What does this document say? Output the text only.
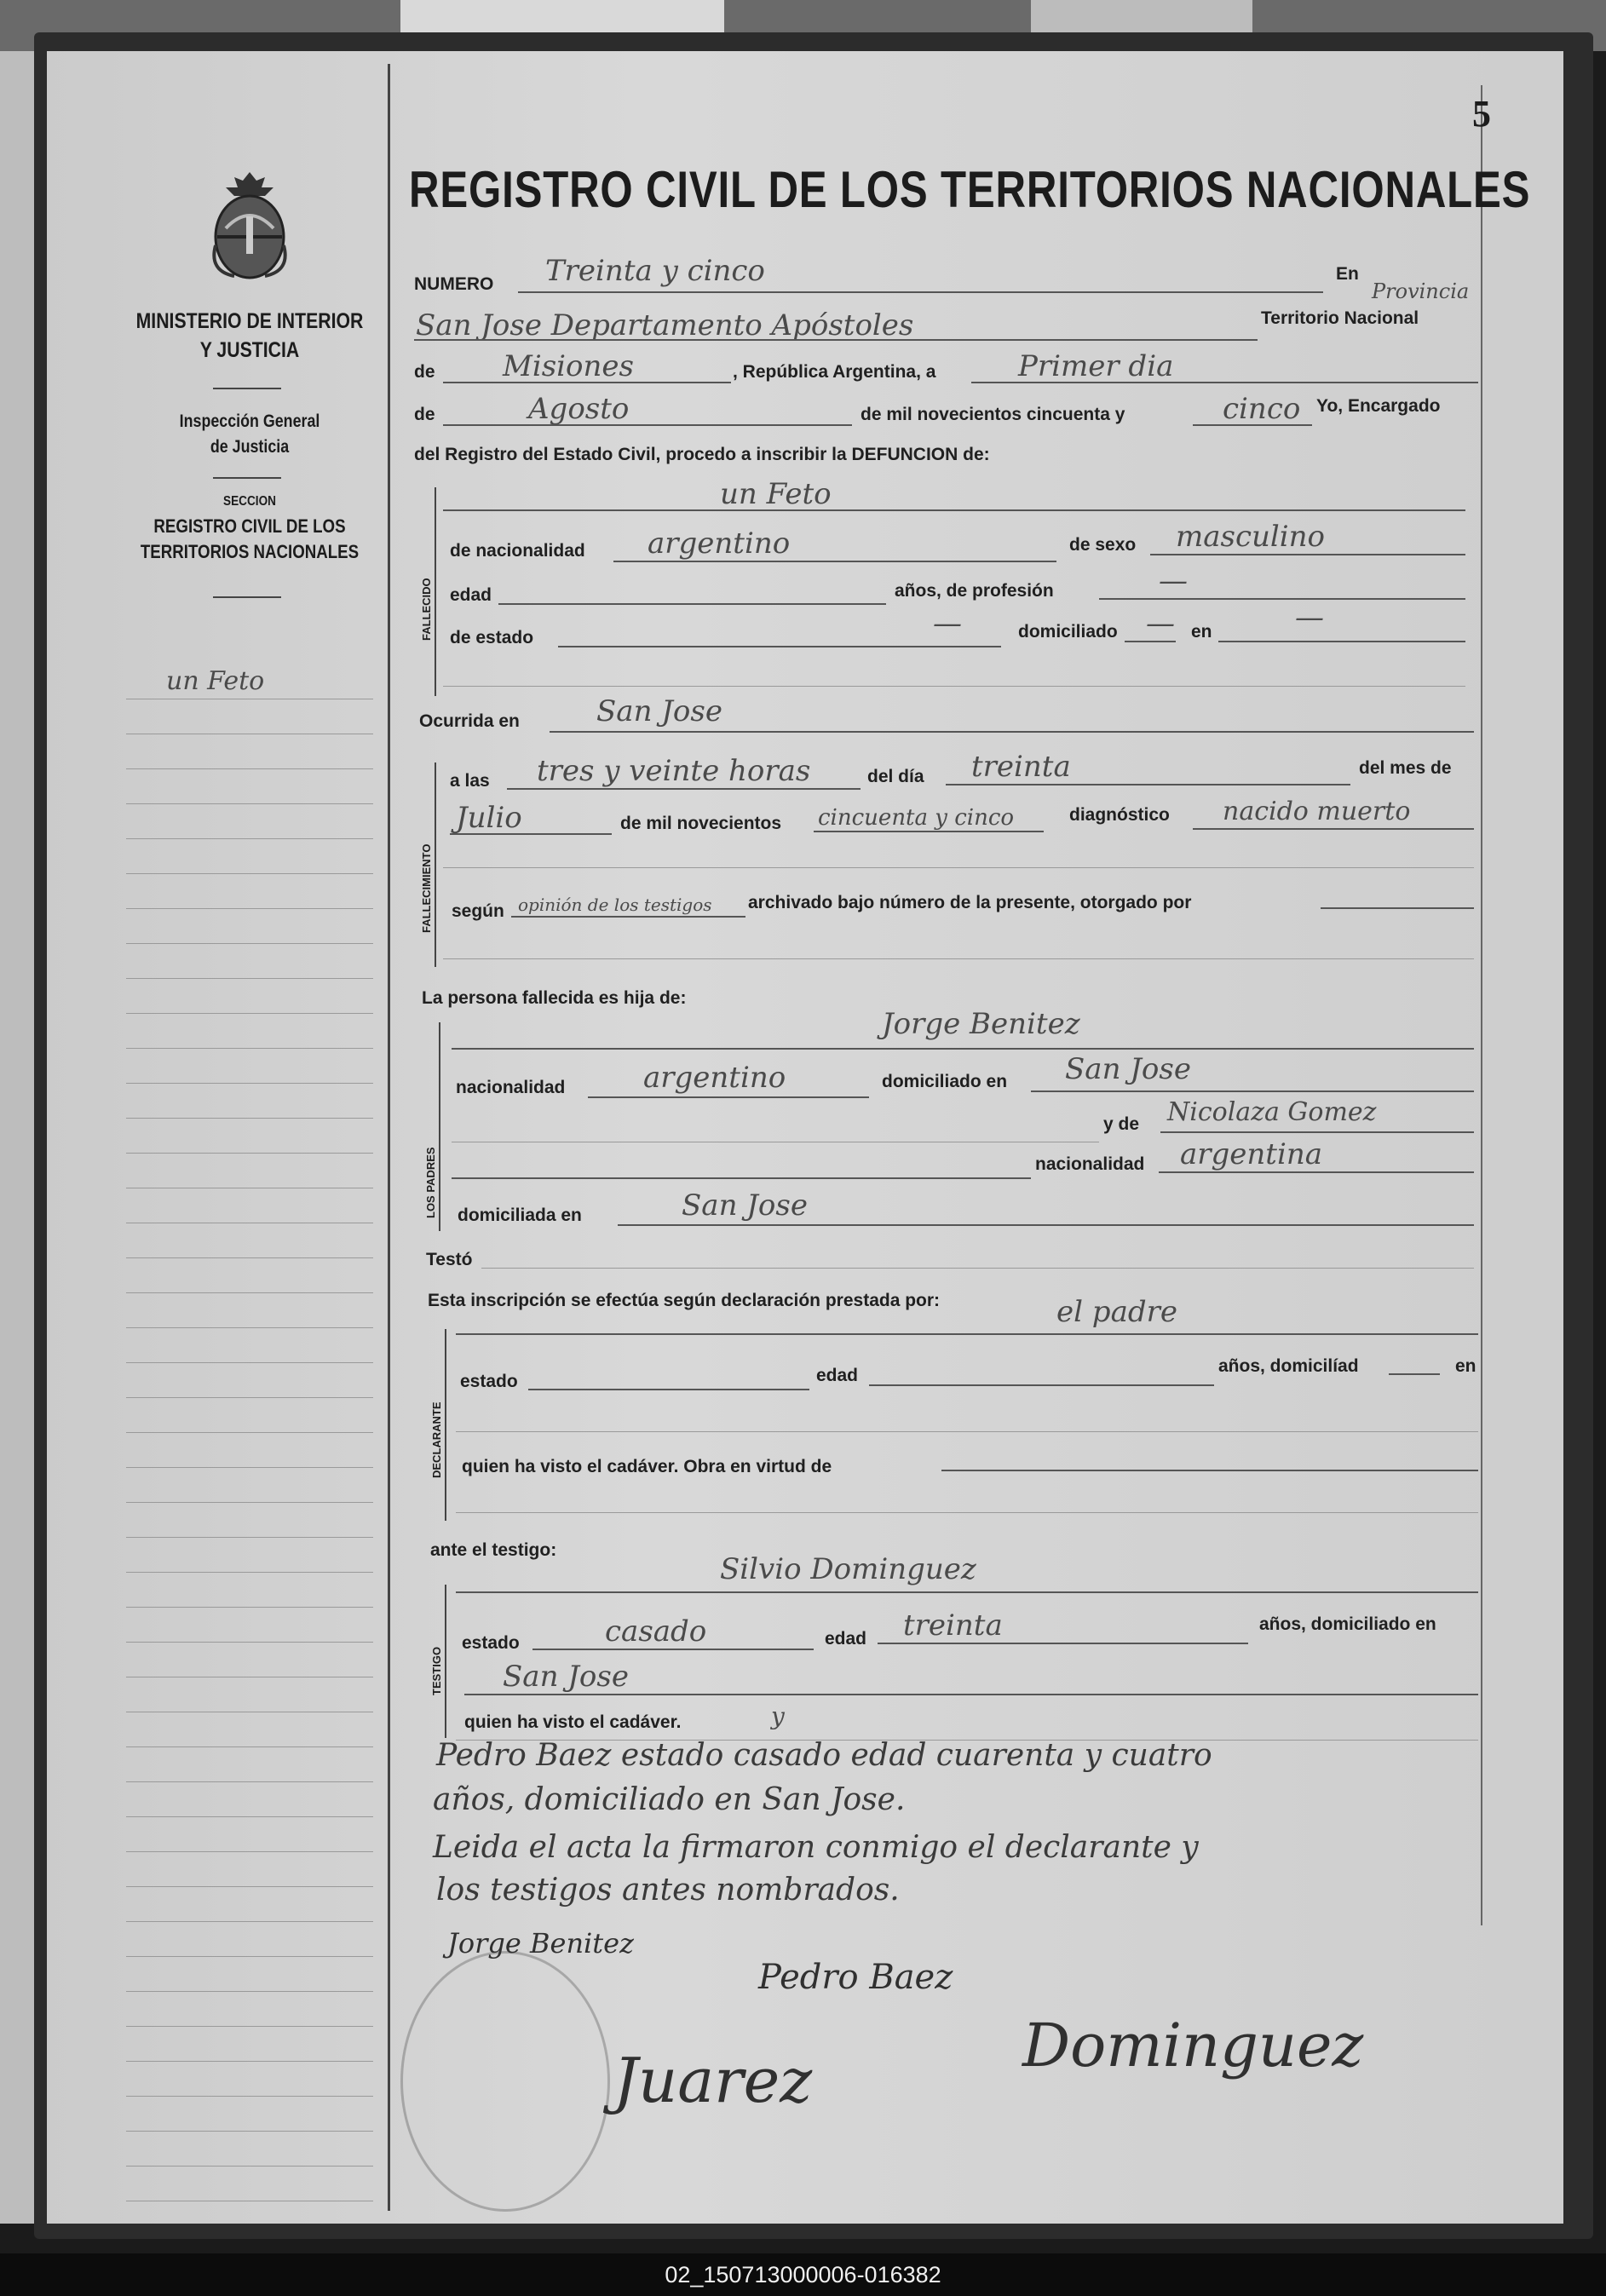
5
MINISTERIO DE INTERIOR
Y JUSTICIA
Inspección General
de Justicia
SECCION
REGISTRO CIVIL DE LOS
TERRITORIOS NACIONALES
un Feto
REGISTRO CIVIL DE LOS TERRITORIOS NACIONALES
NUMERO Treinta y cinco	En
Provincia
San Jose Departamento Apóstoles	Territorio Nacional
de Misiones	, República Argentina, a	Primer dia
de	Agosto	de mil novecientos cincuenta y	cinco Yo, Encargado
del Registro del Estado Civil, procedo a inscribir la DEFUNCION de:
FALLECIDO
un Feto
de nacionalidad argentino	de sexo masculino
edad	años, de profesión	—
de estado	—	domiciliado — en	—
Ocurrida en	San Jose
FALLECIMIENTO
a las tres y veinte horas	del día treinta	del mes de
Julio	de mil novecientos cincuenta y cinco	diagnóstico nacido muerto
según opinión de los testigos archivado bajo número de la presente, otorgado por
La persona fallecida es hija de:
LOS PADRES
Jorge Benitez
nacionalidad	argentino	domiciliado en San Jose
y de Nicolaza Gomez
nacionalidad argentina
domiciliada en	San Jose
Testó
Esta inscripción se efectúa según declaración prestada por:	el padre
DECLARANTE
estado	edad	años, domicilíad	en
quien ha visto el cadáver. Obra en virtud de
ante el testigo:
Silvio Dominguez
TESTIGO
estado	casado	edad treinta	años, domiciliado en
San Jose
quien ha visto el cadáver.	y
Pedro Baez estado casado edad cuarenta y cuatro
años, domiciliado en San Jose.
Leida el acta la firmaron conmigo el declarante y
los testigos antes nombrados.
Jorge Benitez
Pedro Baez
Juarez	Dominguez
02_150713000006-016382
